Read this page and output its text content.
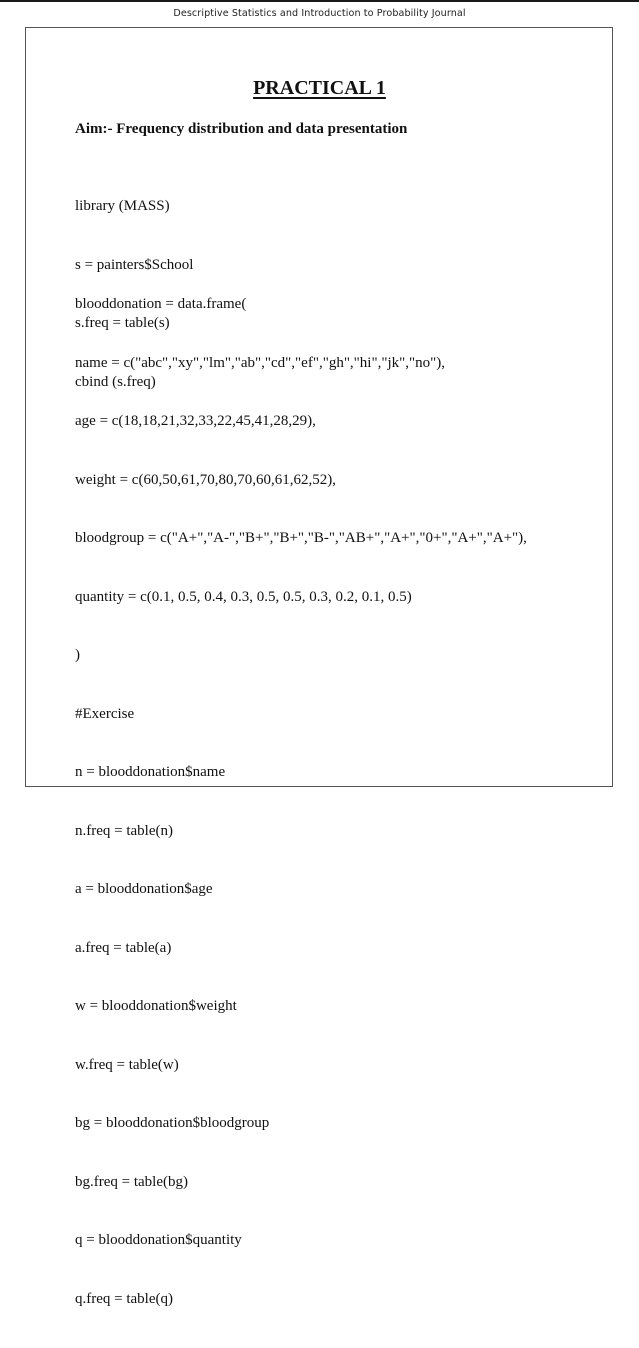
Descriptive Statistics and Introduction to Probability Journal
PRACTICAL 1
Aim:- Frequency distribution and data presentation

library (MASS)

s = painters$School

s.freq = table(s)

cbind (s.freq)

blooddonation = data.frame(

name = c("abc","xy","lm","ab","cd","ef","gh","hi","jk","no"),

age = c(18,18,21,32,33,22,45,41,28,29),

weight = c(60,50,61,70,80,70,60,61,62,52),

bloodgroup = c("A+","A-","B+","B+","B-","AB+","A+","0+","A+","A+"),

quantity = c(0.1, 0.5, 0.4, 0.3, 0.5, 0.5, 0.3, 0.2, 0.1, 0.5)

)

#Exercise

n = blooddonation$name

n.freq = table(n)

a = blooddonation$age

a.freq = table(a)

w = blooddonation$weight

w.freq = table(w)

bg = blooddonation$bloodgroup

bg.freq = table(bg)

q = blooddonation$quantity

q.freq = table(q)
